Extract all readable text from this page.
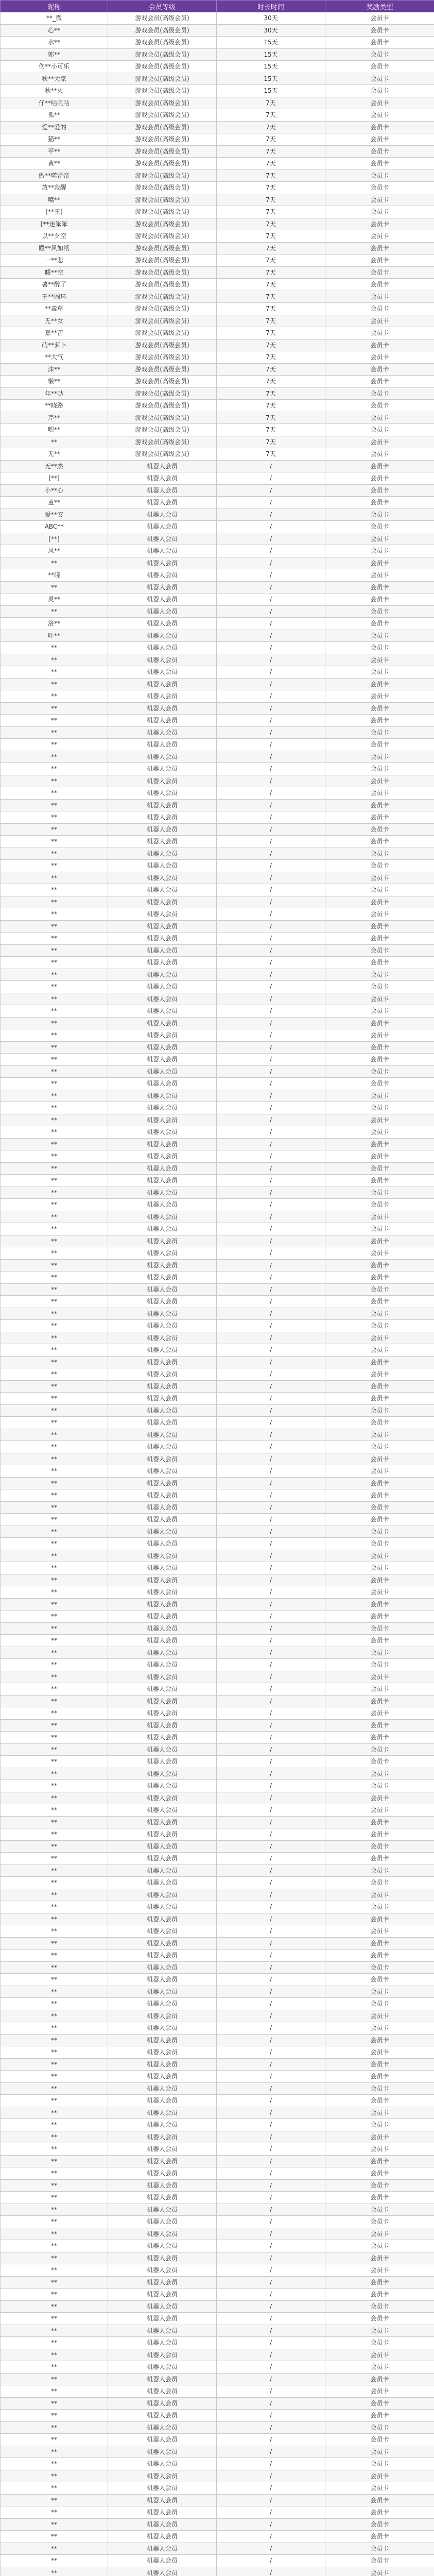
昵称	会员等级	时长时间	奖励类型
**_微	游戏会员(高级会员)	30天	会员卡
心**	游戏会员(高级会员)	30天	会员卡
水**	游戏会员(高级会员)	15天	会员卡
郭**	游戏会员(高级会员)	15天	会员卡
伤**小可乐	游戏会员(高级会员)	15天	会员卡
秋**大家	游戏会员(高级会员)	15天	会员卡
秋**火	游戏会员(高级会员)	15天	会员卡
仔**咕叽咕	游戏会员(高级会员)	7天	会员卡
孤**	游戏会员(高级会员)	7天	会员卡
爱**爱的	游戏会员(高级会员)	7天	会员卡
猫**	游戏会员(高级会员)	7天	会员卡
平**	游戏会员(高级会员)	7天	会员卡
黄**	游戏会员(高级会员)	7天	会员卡
傲**噬雷帝	游戏会员(高级会员)	7天	会员卡
放**我醒	游戏会员(高级会员)	7天	会员卡
嘴**	游戏会员(高级会员)	7天	会员卡
[**王]	游戏会员(高级会员)	7天	会员卡
[**迷笨笨	游戏会员(高级会员)	7天	会员卡
以**夕空	游戏会员(高级会员)	7天	会员卡
殿**风如纸	游戏会员(高级会员)	7天	会员卡
一**悲	游戏会员(高级会员)	7天	会员卡
暖**空	游戏会员(高级会员)	7天	会员卡
薯**醉了	游戏会员(高级会员)	7天	会员卡
王**圆环	游戏会员(高级会员)	7天	会员卡
**毒草	游戏会员(高级会员)	7天	会员卡
无**女	游戏会员(高级会员)	7天	会员卡
嘉**苦	游戏会员(高级会员)	7天	会员卡
萌**萝卜	游戏会员(高级会员)	7天	会员卡
**大气	游戏会员(高级会员)	7天	会员卡
沫**	游戏会员(高级会员)	7天	会员卡
懒**	游戏会员(高级会员)	7天	会员卡
年**哒	游戏会员(高级会员)	7天	会员卡
**晓路	游戏会员(高级会员)	7天	会员卡
芹**	游戏会员(高级会员)	7天	会员卡
嗯**	游戏会员(高级会员)	7天	会员卡
**	游戏会员(高级会员)	7天	会员卡
无**	游戏会员(高级会员)	7天	会员卡
无**杰	机器人会员	/	会员卡
[**]	机器人会员	/	会员卡
小**心	机器人会员	/	会员卡
童**	机器人会员	/	会员卡
爱**安	机器人会员	/	会员卡
ABC**	机器人会员	/	会员卡
[**]	机器人会员	/	会员卡
风**	机器人会员	/	会员卡
**	机器人会员	/	会员卡
**晓	机器人会员	/	会员卡
**	机器人会员	/	会员卡
灵**	机器人会员	/	会员卡
**	机器人会员	/	会员卡
洛**	机器人会员	/	会员卡
叶**	机器人会员	/	会员卡
**	机器人会员	/	会员卡
**	机器人会员	/	会员卡
**	机器人会员	/	会员卡
**	机器人会员	/	会员卡
**	机器人会员	/	会员卡
**	机器人会员	/	会员卡
**	机器人会员	/	会员卡
**	机器人会员	/	会员卡
**	机器人会员	/	会员卡
**	机器人会员	/	会员卡
**	机器人会员	/	会员卡
**	机器人会员	/	会员卡
**	机器人会员	/	会员卡
**	机器人会员	/	会员卡
**	机器人会员	/	会员卡
**	机器人会员	/	会员卡
**	机器人会员	/	会员卡
**	机器人会员	/	会员卡
**	机器人会员	/	会员卡
**	机器人会员	/	会员卡
**	机器人会员	/	会员卡
**	机器人会员	/	会员卡
**	机器人会员	/	会员卡
**	机器人会员	/	会员卡
**	机器人会员	/	会员卡
**	机器人会员	/	会员卡
**	机器人会员	/	会员卡
**	机器人会员	/	会员卡
**	机器人会员	/	会员卡
**	机器人会员	/	会员卡
**	机器人会员	/	会员卡
**	机器人会员	/	会员卡
**	机器人会员	/	会员卡
**	机器人会员	/	会员卡
**	机器人会员	/	会员卡
**	机器人会员	/	会员卡
**	机器人会员	/	会员卡
**	机器人会员	/	会员卡
**	机器人会员	/	会员卡
**	机器人会员	/	会员卡
**	机器人会员	/	会员卡
**	机器人会员	/	会员卡
**	机器人会员	/	会员卡
**	机器人会员	/	会员卡
**	机器人会员	/	会员卡
**	机器人会员	/	会员卡
**	机器人会员	/	会员卡
**	机器人会员	/	会员卡
**	机器人会员	/	会员卡
**	机器人会员	/	会员卡
**	机器人会员	/	会员卡
**	机器人会员	/	会员卡
**	机器人会员	/	会员卡
**	机器人会员	/	会员卡
**	机器人会员	/	会员卡
**	机器人会员	/	会员卡
**	机器人会员	/	会员卡
**	机器人会员	/	会员卡
**	机器人会员	/	会员卡
**	机器人会员	/	会员卡
**	机器人会员	/	会员卡
**	机器人会员	/	会员卡
**	机器人会员	/	会员卡
**	机器人会员	/	会员卡
**	机器人会员	/	会员卡
**	机器人会员	/	会员卡
**	机器人会员	/	会员卡
**	机器人会员	/	会员卡
**	机器人会员	/	会员卡
**	机器人会员	/	会员卡
**	机器人会员	/	会员卡
**	机器人会员	/	会员卡
**	机器人会员	/	会员卡
**	机器人会员	/	会员卡
**	机器人会员	/	会员卡
**	机器人会员	/	会员卡
**	机器人会员	/	会员卡
**	机器人会员	/	会员卡
**	机器人会员	/	会员卡
**	机器人会员	/	会员卡
**	机器人会员	/	会员卡
**	机器人会员	/	会员卡
**	机器人会员	/	会员卡
**	机器人会员	/	会员卡
**	机器人会员	/	会员卡
**	机器人会员	/	会员卡
**	机器人会员	/	会员卡
**	机器人会员	/	会员卡
**	机器人会员	/	会员卡
**	机器人会员	/	会员卡
**	机器人会员	/	会员卡
**	机器人会员	/	会员卡
**	机器人会员	/	会员卡
**	机器人会员	/	会员卡
**	机器人会员	/	会员卡
**	机器人会员	/	会员卡
**	机器人会员	/	会员卡
**	机器人会员	/	会员卡
**	机器人会员	/	会员卡
**	机器人会员	/	会员卡
**	机器人会员	/	会员卡
**	机器人会员	/	会员卡
**	机器人会员	/	会员卡
**	机器人会员	/	会员卡
**	机器人会员	/	会员卡
**	机器人会员	/	会员卡
**	机器人会员	/	会员卡
**	机器人会员	/	会员卡
**	机器人会员	/	会员卡
**	机器人会员	/	会员卡
**	机器人会员	/	会员卡
**	机器人会员	/	会员卡
**	机器人会员	/	会员卡
**	机器人会员	/	会员卡
**	机器人会员	/	会员卡
**	机器人会员	/	会员卡
**	机器人会员	/	会员卡
**	机器人会员	/	会员卡
**	机器人会员	/	会员卡
**	机器人会员	/	会员卡
**	机器人会员	/	会员卡
**	机器人会员	/	会员卡
**	机器人会员	/	会员卡
**	机器人会员	/	会员卡
**	机器人会员	/	会员卡
**	机器人会员	/	会员卡
**	机器人会员	/	会员卡
**	机器人会员	/	会员卡
**	机器人会员	/	会员卡
**	机器人会员	/	会员卡
**	机器人会员	/	会员卡
**	机器人会员	/	会员卡
**	机器人会员	/	会员卡
**	机器人会员	/	会员卡
**	机器人会员	/	会员卡
**	机器人会员	/	会员卡
**	机器人会员	/	会员卡
**	机器人会员	/	会员卡
**	机器人会员	/	会员卡
**	机器人会员	/	会员卡
**	机器人会员	/	会员卡
**	机器人会员	/	会员卡
**	机器人会员	/	会员卡
**	机器人会员	/	会员卡
**	机器人会员	/	会员卡
**	机器人会员	/	会员卡
**	机器人会员	/	会员卡
**	机器人会员	/	会员卡
**	机器人会员	/	会员卡
**	机器人会员	/	会员卡
**	机器人会员	/	会员卡
**	机器人会员	/	会员卡
**	机器人会员	/	会员卡
**	机器人会员	/	会员卡
**	机器人会员	/	会员卡
**	机器人会员	/	会员卡
**	机器人会员	/	会员卡
**	机器人会员	/	会员卡
**	机器人会员	/	会员卡
**	机器人会员	/	会员卡
